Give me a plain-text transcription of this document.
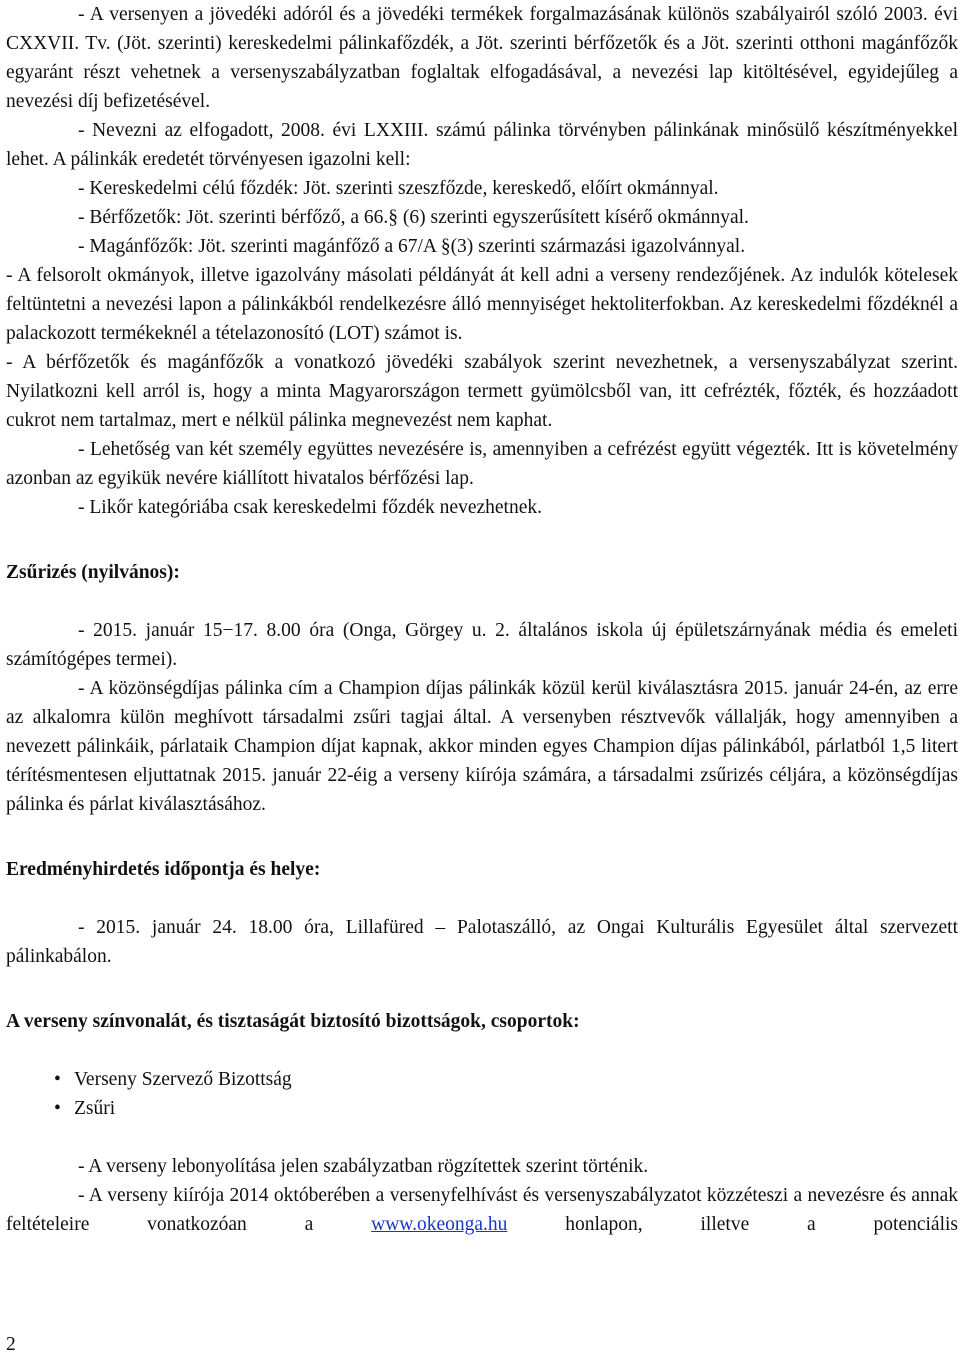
- A versenyen a jövedéki adóról és a jövedéki termékek forgalmazásának különös szabályairól szóló 2003. évi CXXVII. Tv. (Jöt. szerinti) kereskedelmi pálinkafőzdék, a Jöt. szerinti bérfőzetők és a Jöt. szerinti otthoni magánfőzők egyaránt részt vehetnek a versenyszabályzatban foglaltak elfogadásával, a nevezési lap kitöltésével, egyidejűleg a nevezési díj befizetésével.

- Nevezni az elfogadott, 2008. évi LXXIII. számú pálinka törvényben pálinkának minősülő készítményekkel lehet. A pálinkák eredetét törvényesen igazolni kell:

- Kereskedelmi célú főzdék: Jöt. szerinti szeszfőzde, kereskedő, előírt okmánnyal.
- Bérfőzetők: Jöt. szerinti bérfőző, a 66.§ (6) szerinti egyszerűsített kísérő okmánnyal.
- Magánfőzők: Jöt. szerinti magánfőző a 67/A §(3) szerinti származási igazolvánnyal.

- A felsorolt okmányok, illetve igazolvány másolati példányát át kell adni a verseny rendezőjének. Az indulók kötelesek feltüntetni a nevezési lapon a pálinkákból rendelkezésre álló mennyiséget hektoliterfokban. Az kereskedelmi főzdéknél a palackozott termékeknél a tételazonosító (LOT) számot is.

- A bérfőzetők és magánfőzők a vonatkozó jövedéki szabályok szerint nevezhetnek, a versenyszabályzat szerint. Nyilatkozni kell arról is, hogy a minta Magyarországon termett gyümölcsből van, itt cefrézték, főzték, és hozzáadott cukrot nem tartalmaz, mert e nélkül pálinka megnevezést nem kaphat.

- Lehetőség van két személy együttes nevezésére is, amennyiben a cefrézést együtt végezték. Itt is követelmény azonban az egyikük nevére kiállított hivatalos bérfőzési lap.

- Likőr kategóriába csak kereskedelmi főzdék nevezhetnek.

Zsűrizés (nyilvános):

- 2015. január 15−17. 8.00 óra (Onga, Görgey u. 2. általános iskola új épületszárnyának média és emeleti számítógépes termei).

- A közönségdíjas pálinka cím a Champion díjas pálinkák közül kerül kiválasztásra 2015. január 24-én, az erre az alkalomra külön meghívott társadalmi zsűri tagjai által. A versenyben résztvevők vállalják, hogy amennyiben a nevezett pálinkáik, párlataik Champion díjat kapnak, akkor minden egyes Champion díjas pálinkából, párlatból 1,5 litert térítésmentesen eljuttatnak 2015. január 22-éig a verseny kiírója számára, a társadalmi zsűrizés céljára, a közönségdíjas pálinka és párlat kiválasztásához.

Eredményhirdetés időpontja és helye:

- 2015. január 24. 18.00 óra, Lillafüred – Palotaszálló, az Ongai Kulturális Egyesület által szervezett pálinkabálon.

A verseny színvonalát, és tisztaságát biztosító bizottságok, csoportok:

• Verseny Szervező Bizottság
• Zsűri

- A verseny lebonyolítása jelen szabályzatban rögzítettek szerint történik.

- A verseny kiírója 2014 októberében a versenyfelhívást és versenyszabályzatot közzéteszi a nevezésre és annak feltételeire vonatkozóan a www.okeonga.hu honlapon, illetve a potenciális

2
